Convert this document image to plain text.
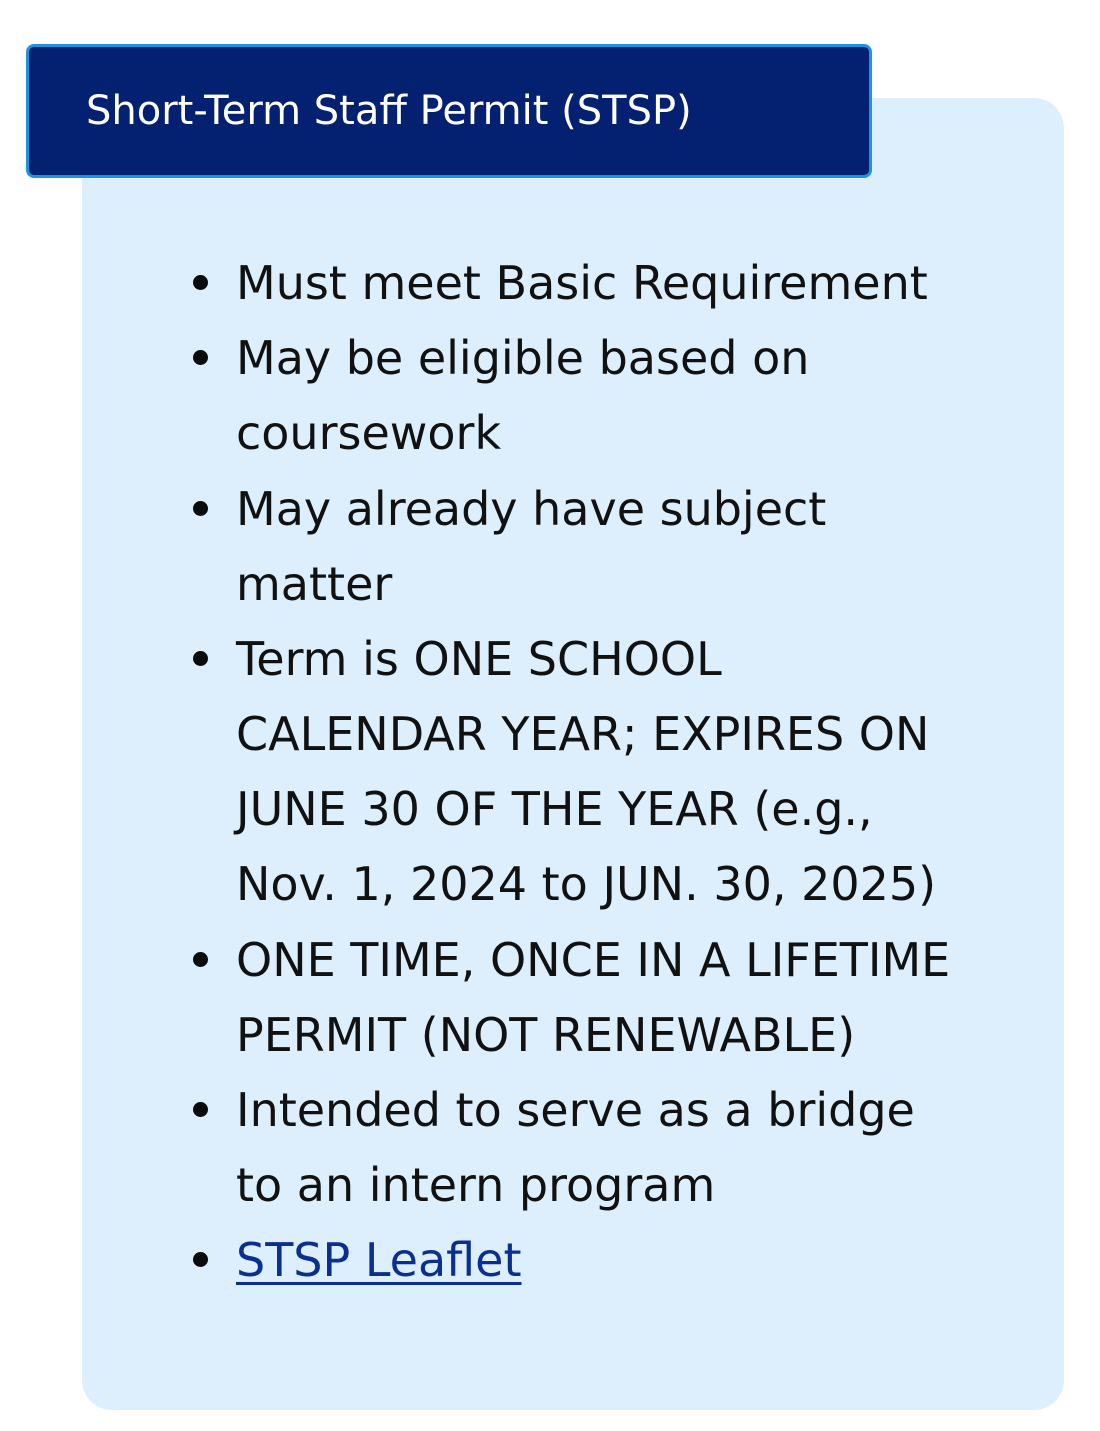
Short-Term Staff Permit (STSP)
Must meet Basic Requirement
May be eligible based on
coursework
May already have subject
matter
Term is ONE SCHOOL
CALENDAR YEAR; EXPIRES ON
JUNE 30 OF THE YEAR (e.g.,
Nov. 1, 2024 to JUN. 30, 2025)
ONE TIME, ONCE IN A LIFETIME
PERMIT (NOT RENEWABLE)
Intended to serve as a bridge
to an intern program
STSP Leaflet
